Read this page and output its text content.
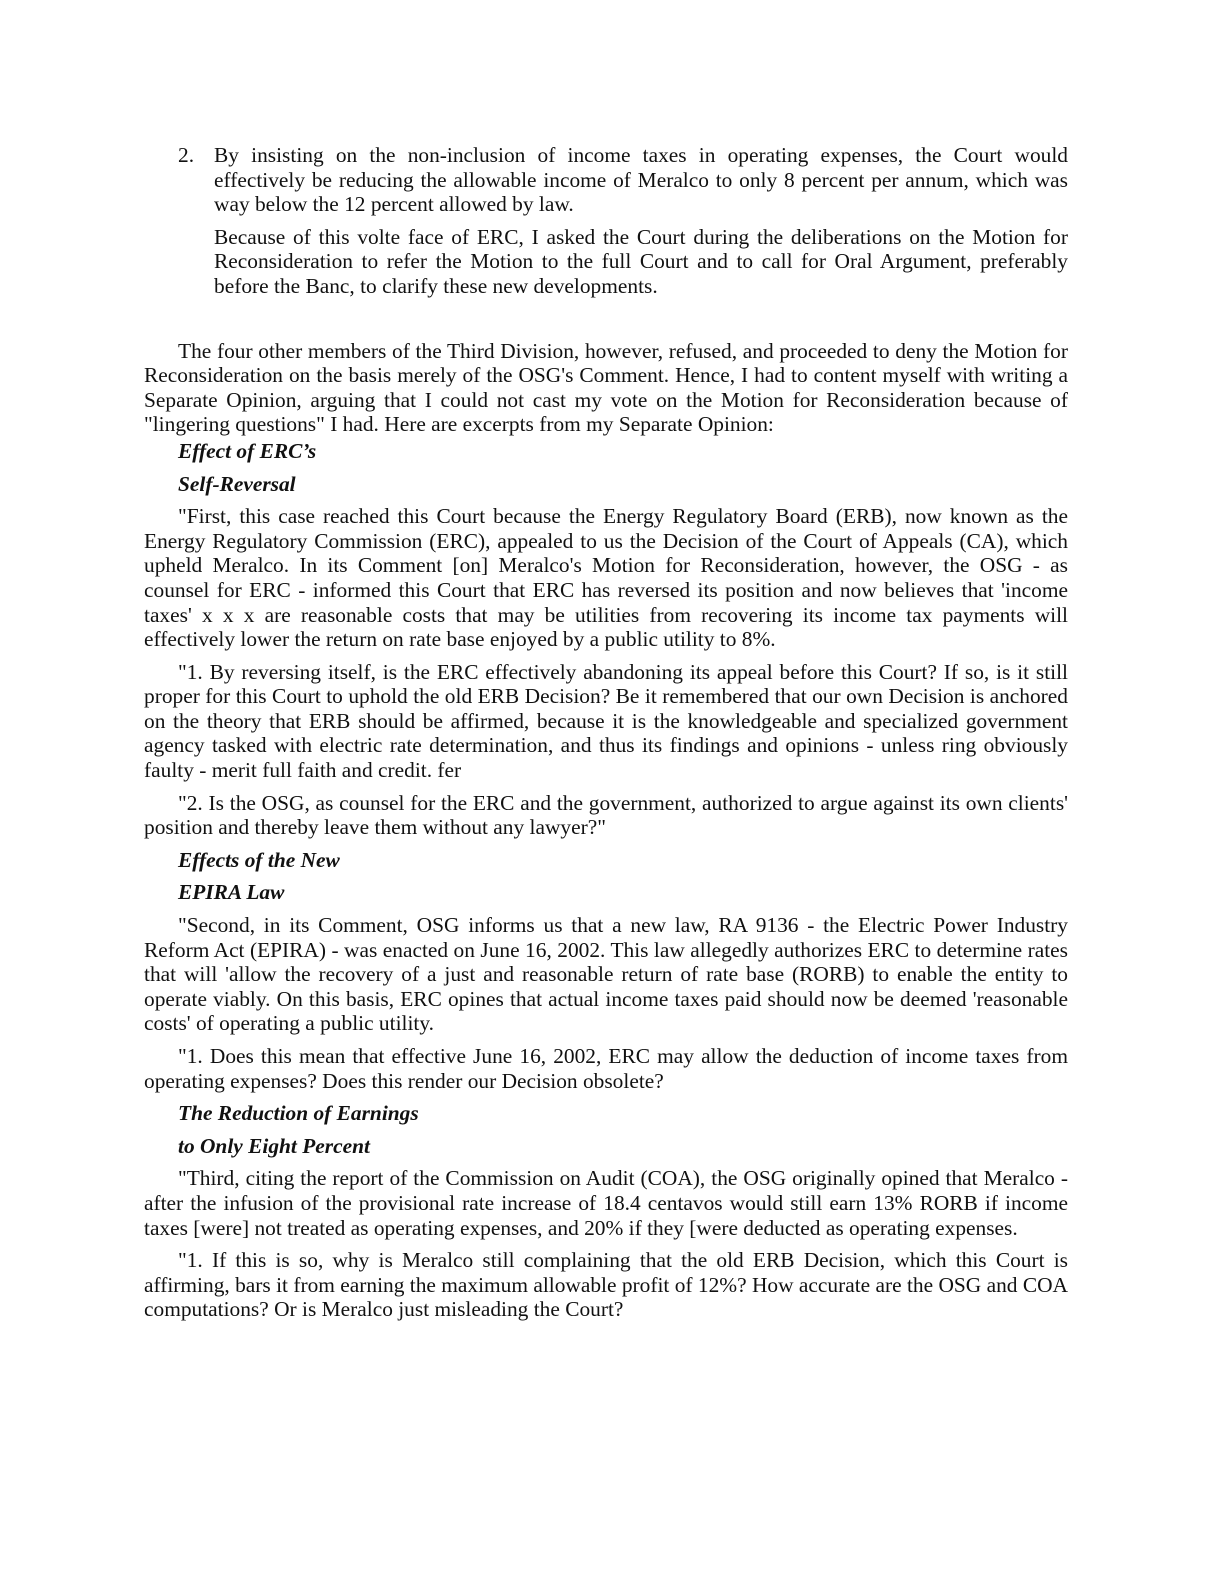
2. By insisting on the non-inclusion of income taxes in operating expenses, the Court would effectively be reducing the allowable income of Meralco to only 8 percent per annum, which was way below the 12 percent allowed by law.

Because of this volte face of ERC, I asked the Court during the deliberations on the Motion for Reconsideration to refer the Motion to the full Court and to call for Oral Argument, preferably before the Banc, to clarify these new developments.

The four other members of the Third Division, however, refused, and proceeded to deny the Motion for Reconsideration on the basis merely of the OSG's Comment. Hence, I had to content myself with writing a Separate Opinion, arguing that I could not cast my vote on the Motion for Reconsideration because of "lingering questions" I had. Here are excerpts from my Separate Opinion:

Effect of ERC’s
Self-Reversal

"First, this case reached this Court because the Energy Regulatory Board (ERB), now known as the Energy Regulatory Commission (ERC), appealed to us the Decision of the Court of Appeals (CA), which upheld Meralco. In its Comment [on] Meralco's Motion for Reconsideration, however, the OSG - as counsel for ERC - informed this Court that ERC has reversed its position and now believes that 'income taxes' x x x are reasonable costs that may be utilities from recovering its income tax payments will effectively lower the return on rate base enjoyed by a public utility to 8%.

"1. By reversing itself, is the ERC effectively abandoning its appeal before this Court? If so, is it still proper for this Court to uphold the old ERB Decision? Be it remembered that our own Decision is anchored on the theory that ERB should be affirmed, because it is the knowledgeable and specialized government agency tasked with electric rate determination, and thus its findings and opinions - unless ring obviously faulty - merit full faith and credit. fer

"2. Is the OSG, as counsel for the ERC and the government, authorized to argue against its own clients' position and thereby leave them without any lawyer?"

Effects of the New
EPIRA Law

"Second, in its Comment, OSG informs us that a new law, RA 9136 - the Electric Power Industry Reform Act (EPIRA) - was enacted on June 16, 2002. This law allegedly authorizes ERC to determine rates that will 'allow the recovery of a just and reasonable return of rate base (RORB) to enable the entity to operate viably. On this basis, ERC opines that actual income taxes paid should now be deemed 'reasonable costs' of operating a public utility.

"1. Does this mean that effective June 16, 2002, ERC may allow the deduction of income taxes from operating expenses? Does this render our Decision obsolete?

The Reduction of Earnings
to Only Eight Percent

"Third, citing the report of the Commission on Audit (COA), the OSG originally opined that Meralco - after the infusion of the provisional rate increase of 18.4 centavos would still earn 13% RORB if income taxes [were] not treated as operating expenses, and 20% if they [were deducted as operating expenses.

"1. If this is so, why is Meralco still complaining that the old ERB Decision, which this Court is affirming, bars it from earning the maximum allowable profit of 12%? How accurate are the OSG and COA computations? Or is Meralco just misleading the Court?
